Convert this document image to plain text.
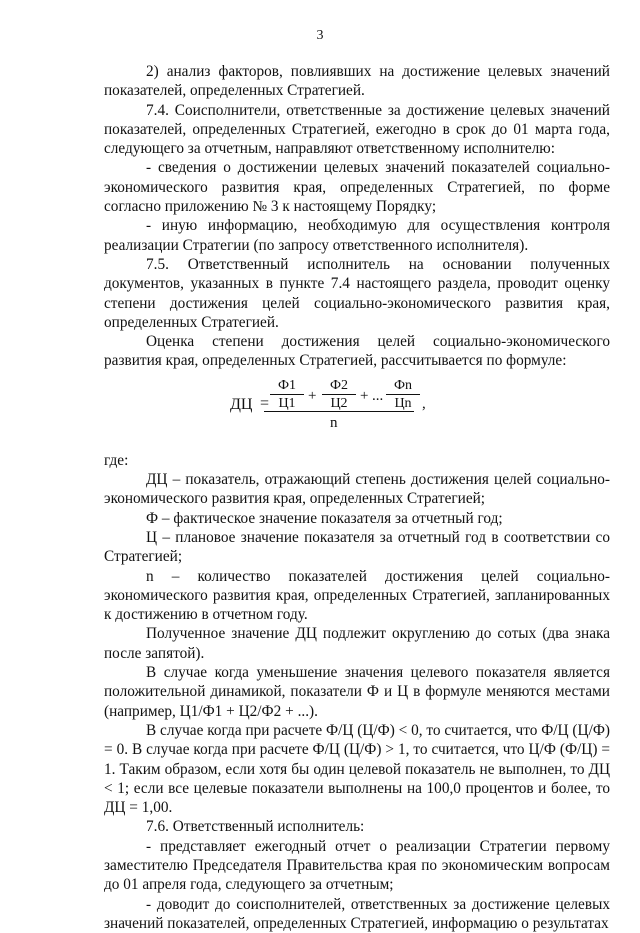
3

2) анализ факторов, повлиявших на достижение целевых значений показателей, определенных Стратегией.

7.4. Соисполнители, ответственные за достижение целевых значений показателей, определенных Стратегией, ежегодно в срок до 01 марта года, следующего за отчетным, направляют ответственному исполнителю:

- сведения о достижении целевых значений показателей социально-экономического развития края, определенных Стратегией, по форме согласно приложению № 3 к настоящему Порядку;

- иную информацию, необходимую для осуществления контроля реализации Стратегии (по запросу ответственного исполнителя).

7.5. Ответственный исполнитель на основании полученных документов, указанных в пункте 7.4 настоящего раздела, проводит оценку степени достижения целей социально-экономического развития края, определенных Стратегией.

Оценка степени достижения целей социально-экономического развития края, определенных Стратегией, рассчитывается по формуле:

ДЦ =
Ф1
Ц1 +
Ф2
Ц2 + ...
Фn
Цn
n
,

где:

ДЦ – показатель, отражающий степень достижения целей социально-экономического развития края, определенных Стратегией;

Ф – фактическое значение показателя за отчетный год;

Ц – плановое значение показателя за отчетный год в соответствии со Стратегией;

n – количество показателей достижения целей социально-экономического развития края, определенных Стратегией, запланированных к достижению в отчетном году.

Полученное значение ДЦ подлежит округлению до сотых (два знака после запятой).

В случае когда уменьшение значения целевого показателя является положительной динамикой, показатели Ф и Ц в формуле меняются местами (например, Ц1/Ф1 + Ц2/Ф2 + ...).

В случае когда при расчете Ф/Ц (Ц/Ф) < 0, то считается, что Ф/Ц (Ц/Ф) = 0. В случае когда при расчете Ф/Ц (Ц/Ф) > 1, то считается, что Ц/Ф (Ф/Ц) = 1. Таким образом, если хотя бы один целевой показатель не выполнен, то ДЦ < 1; если все целевые показатели выполнены на 100,0 процентов и более, то ДЦ = 1,00.

7.6. Ответственный исполнитель:

- представляет ежегодный отчет о реализации Стратегии первому заместителю Председателя Правительства края по экономическим вопросам до 01 апреля года, следующего за отчетным;

- доводит до соисполнителей, ответственных за достижение целевых значений показателей, определенных Стратегией, информацию о результатах
